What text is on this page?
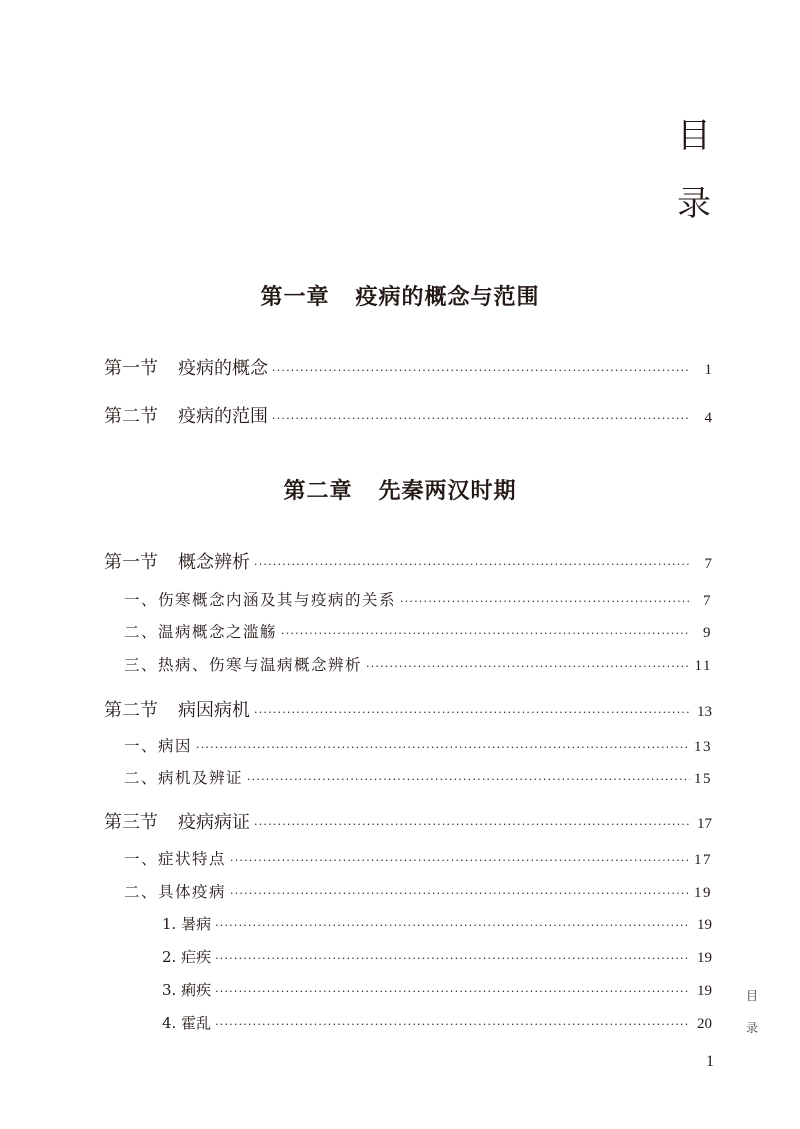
目
录
第一章 疫病的概念与范围
第一节 疫病的概念 ·····	1
第二节 疫病的范围 ·····	4
第二章 先秦两汉时期
第一节 概念辨析 ·····	7
一、伤寒概念内涵及其与疫病的关系 ·····	7
二、温病概念之滥觞 ·····	9
三、热病、伤寒与温病概念辨析 ·····	11
第二节 病因病机 ·····	13
一、病因 ·····	13
二、病机及辨证 ·····	15
第三节 疫病病证 ·····	17
一、症状特点 ·····	17
二、具体疫病 ·····	19
1. 暑病 ·····	19
2. 疟疾 ·····	19
3. 痢疾 ·····	19
4. 霍乱 ·····	20
目
录
1
